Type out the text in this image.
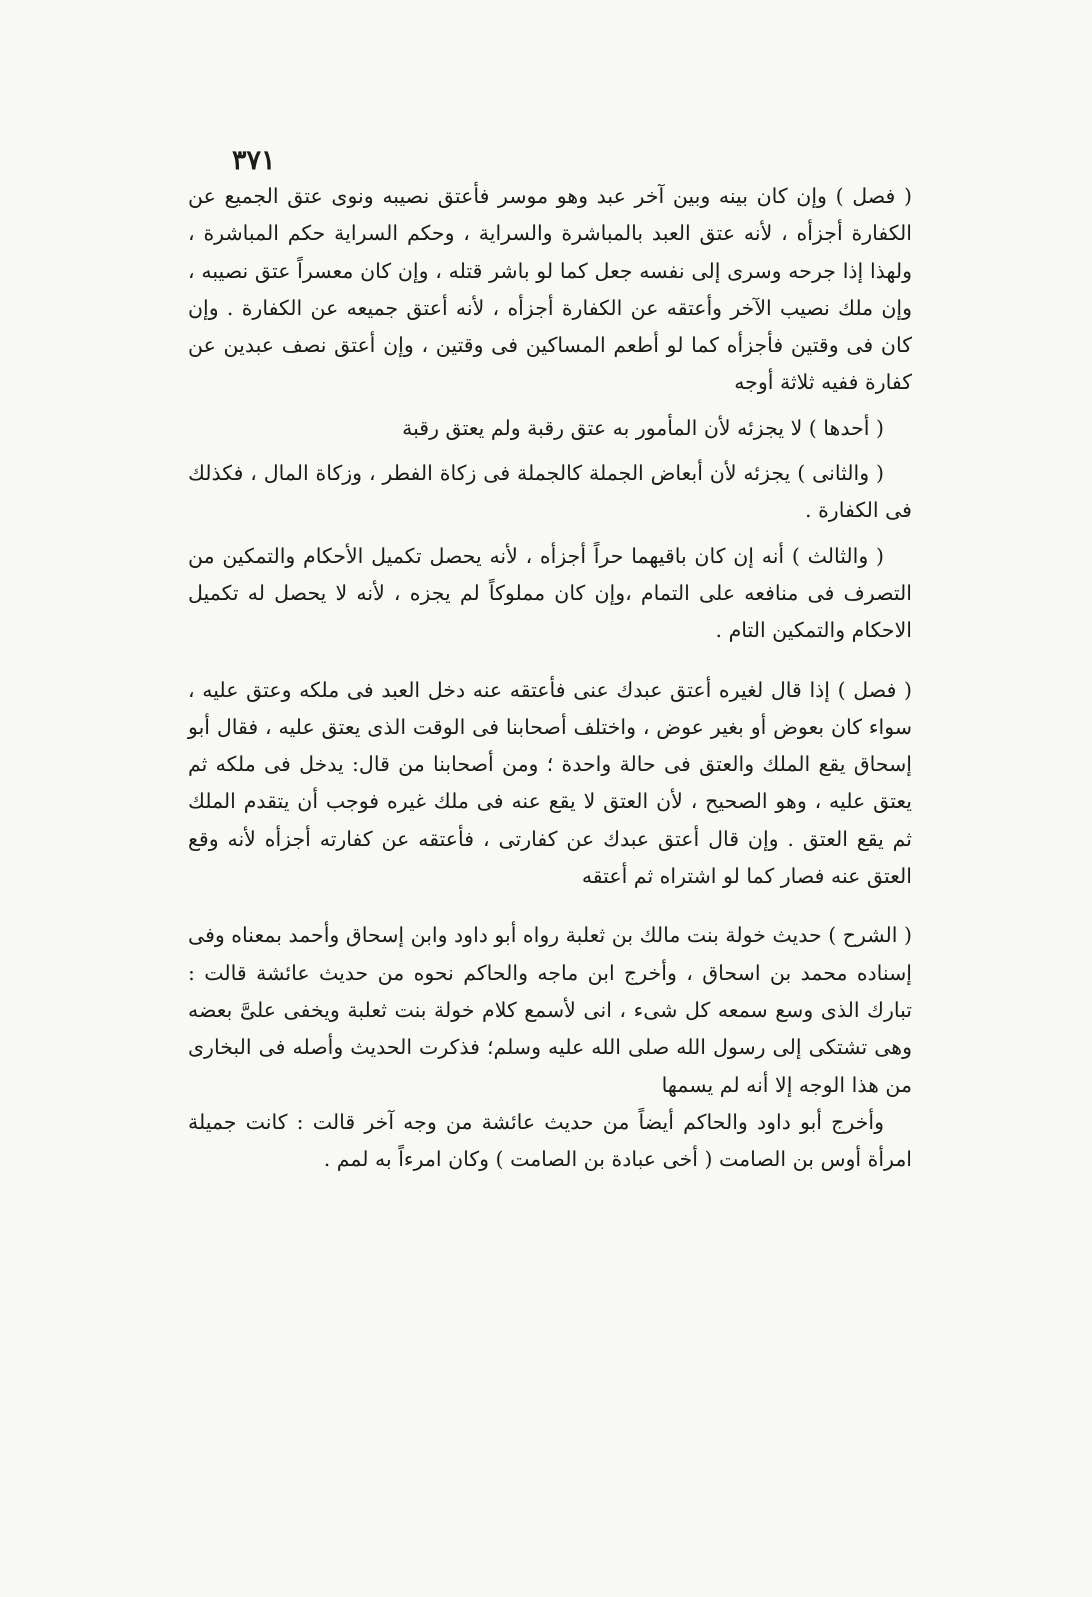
٣٧١

( فصل ) وإن كان بينه وبين آخر عبد وهو موسر فأعتق نصيبه ونوى عتق الجميع عن الكفارة أجزأه ، لأنه عتق العبد بالمباشرة والسراية ، وحكم السراية حكم المباشرة ، ولهذا إذا جرحه وسرى إلى نفسه جعل كما لو باشر قتله ، وإن كان معسراً عتق نصيبه ، وإن ملك نصيب الآخر وأعتقه عن الكفارة أجزأه ، لأنه أعتق جميعه عن الكفارة . وإن كان فى وقتين فأجزأه كما لو أطعم المساكين فى وقتين ، وإن أعتق نصف عبدين عن كفارة ففيه ثلاثة أوجه

( أحدها ) لا يجزئه لأن المأمور به عتق رقبة ولم يعتق رقبة

( والثانى ) يجزئه لأن أبعاض الجملة كالجملة فى زكاة الفطر ، وزكاة المال ، فكذلك فى الكفارة .

( والثالث ) أنه إن كان باقيهما حراً أجزأه ، لأنه يحصل تكميل الأحكام والتمكين من التصرف فى منافعه على التمام ،وإن كان مملوكاً لم يجزه ، لأنه لا يحصل له تكميل الاحكام والتمكين التام .

( فصل ) إذا قال لغيره أعتق عبدك عنى فأعتقه عنه دخل العبد فى ملكه وعتق عليه ، سواء كان بعوض أو بغير عوض ، واختلف أصحابنا فى الوقت الذى يعتق عليه ، فقال أبو إسحاق يقع الملك والعتق فى حالة واحدة ؛ ومن أصحابنا من قال: يدخل فى ملكه ثم يعتق عليه ، وهو الصحيح ، لأن العتق لا يقع عنه فى ملك غيره فوجب أن يتقدم الملك ثم يقع العتق . وإن قال أعتق عبدك عن كفارتى ، فأعتقه عن كفارته أجزأه لأنه وقع العتق عنه فصار كما لو اشتراه ثم أعتقه

( الشرح ) حديث خولة بنت مالك بن ثعلبة رواه أبو داود وابن إسحاق وأحمد بمعناه وفى إسناده محمد بن اسحاق ، وأخرج ابن ماجه والحاكم نحوه من حديث عائشة قالت : تبارك الذى وسع سمعه كل شىء ، انى لأسمع كلام خولة بنت ثعلبة ويخفى علىَّ بعضه وهى تشتكى إلى رسول الله صلى الله عليه وسلم؛ فذكرت الحديث وأصله فى البخارى من هذا الوجه إلا أنه لم يسمها

وأخرج أبو داود والحاكم أيضاً من حديث عائشة من وجه آخر قالت : كانت جميلة امرأة أوس بن الصامت ( أخى عبادة بن الصامت ) وكان امرءاً به لمم .
